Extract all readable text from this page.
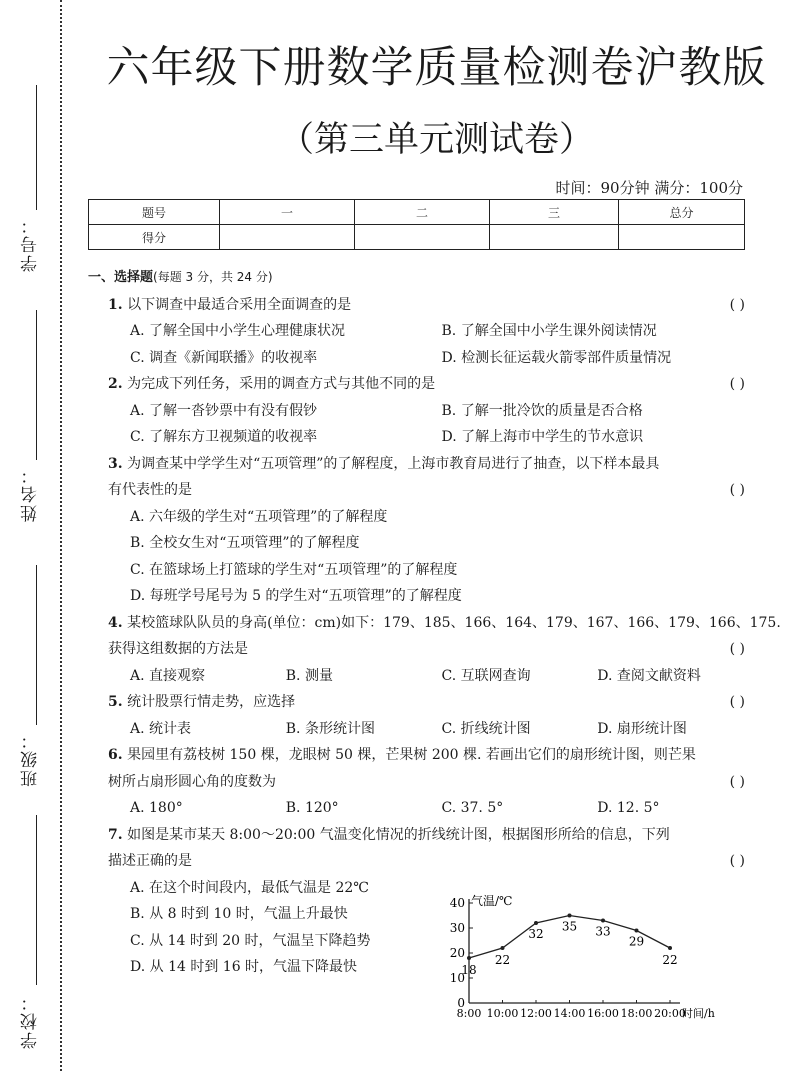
学号：
姓名：
班级：
学校：
六年级下册数学质量检测卷沪教版
（第三单元测试卷）
时间：90分钟 满分：100分
题号	一	二	三	总分
得分				
一、选择题(每题 3 分，共 24 分)
1. 以下调查中最适合采用全面调查的是	( )
A. 了解全国中小学生心理健康状况	B. 了解全国中小学生课外阅读情况
C. 调查《新闻联播》的收视率	D. 检测长征运载火箭零部件质量情况
2. 为完成下列任务，采用的调查方式与其他不同的是	( )
A. 了解一沓钞票中有没有假钞	B. 了解一批冷饮的质量是否合格
C. 了解东方卫视频道的收视率	D. 了解上海市中学生的节水意识
3. 为调查某中学学生对“五项管理”的了解程度，上海市教育局进行了抽查，以下样本最具
有代表性的是	( )
A. 六年级的学生对“五项管理”的了解程度
B. 全校女生对“五项管理”的了解程度
C. 在篮球场上打篮球的学生对“五项管理”的了解程度
D. 每班学号尾号为 5 的学生对“五项管理”的了解程度
4. 某校篮球队队员的身高(单位：cm)如下：179、185、166、164、179、167、166、179、166、175.
获得这组数据的方法是	( )
A. 直接观察	B. 测量	C. 互联网查询	D. 查阅文献资料
5. 统计股票行情走势，应选择	( )
A. 统计表	B. 条形统计图	C. 折线统计图	D. 扇形统计图
6. 果园里有荔枝树 150 棵，龙眼树 50 棵，芒果树 200 棵. 若画出它们的扇形统计图，则芒果
树所占扇形圆心角的度数为	( )
A. 180°	B. 120°	C. 37. 5°	D. 12. 5°
7. 如图是某市某天 8:00～20:00 气温变化情况的折线统计图，根据图形所给的信息，下列
描述正确的是	( )
A. 在这个时间段内，最低气温是 22℃
B. 从 8 时到 10 时，气温上升最快
C. 从 14 时到 20 时，气温呈下降趋势
D. 从 14 时到 16 时，气温下降最快
0
10
20
30
40
8:00 10:00 12:00 14:00 16:00 18:00 20:00
时间/h
气温/℃
18
22
32
35 33
29
22
